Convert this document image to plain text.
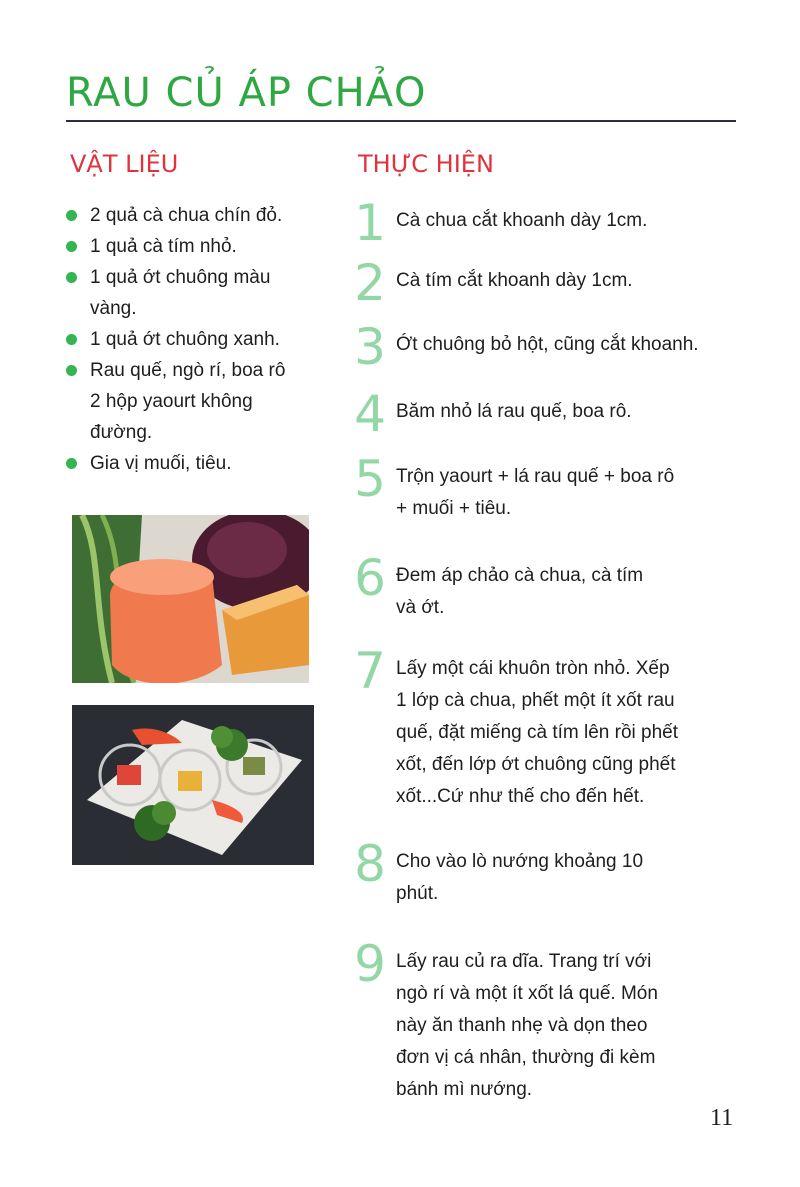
RAU CỦ ÁP CHẢO
VẬT LIỆU	THỰC HIỆN
2 quả cà chua chín đỏ.
1 quả cà tím nhỏ.
1 quả ớt chuông màu
vàng.
1 quả ớt chuông xanh.
Rau quế, ngò rí, boa rô
2 hộp yaourt không
đường.
Gia vị muối, tiêu.
1 Cà chua cắt khoanh dày 1cm.
2 Cà tím cắt khoanh dày 1cm.
3 Ớt chuông bỏ hột, cũng cắt khoanh.
4 Băm nhỏ lá rau quế, boa rô.
5 Trộn yaourt + lá rau quế + boa rô
+ muối + tiêu.
6 Đem áp chảo cà chua, cà tím
và ớt.
7 Lấy một cái khuôn tròn nhỏ. Xếp
1 lớp cà chua, phết một ít xốt rau
quế, đặt miếng cà tím lên rồi phết
xốt, đến lớp ớt chuông cũng phết
xốt...Cứ như thế cho đến hết.
8 Cho vào lò nướng khoảng 10
phút.
9 Lấy rau củ ra dĩa. Trang trí với
ngò rí và một ít xốt lá quế. Món
này ăn thanh nhẹ và dọn theo
đơn vị cá nhân, thường đi kèm
bánh mì nướng.
11
